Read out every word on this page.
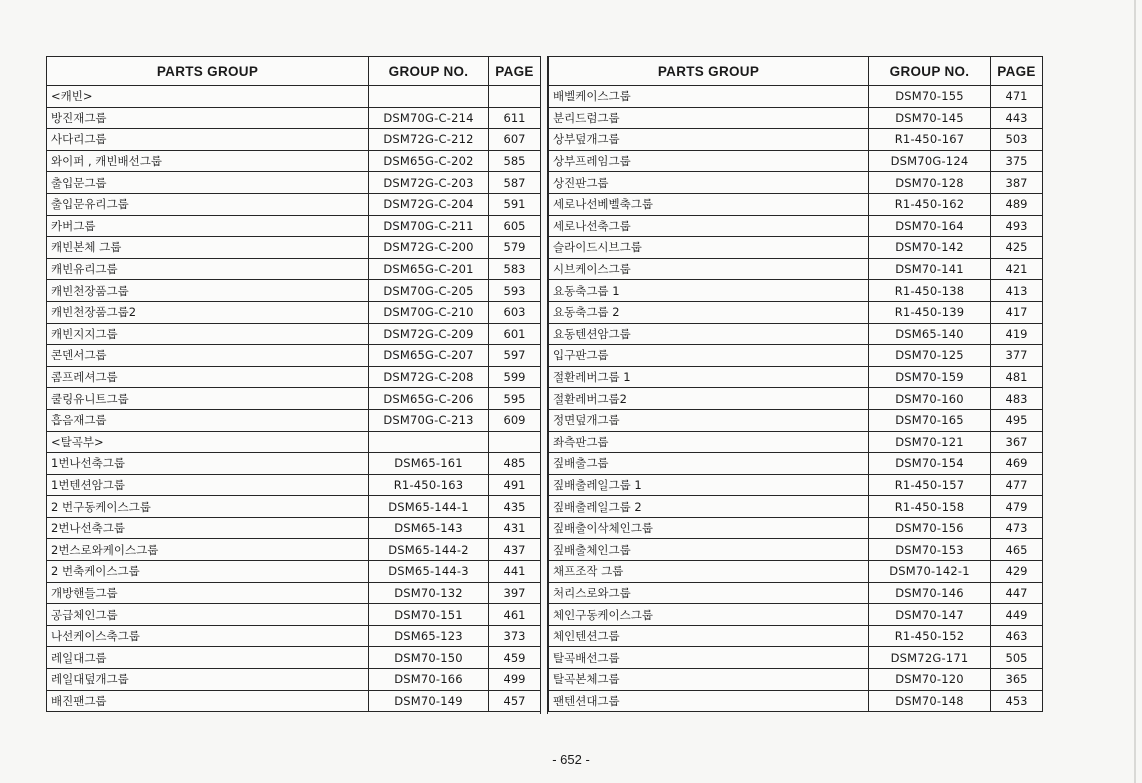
PARTS GROUP	GROUP NO.	PAGE
<캐빈>		
방진재그룹	DSM70G-C-214	611
사다리그룹	DSM72G-C-212	607
와이퍼 , 캐빈배선그룹	DSM65G-C-202	585
출입문그룹	DSM72G-C-203	587
출입문유리그룹	DSM72G-C-204	591
카버그룹	DSM70G-C-211	605
캐빈본체 그룹	DSM72G-C-200	579
캐빈유리그룹	DSM65G-C-201	583
캐빈천장품그룹	DSM70G-C-205	593
캐빈천장품그룹2	DSM70G-C-210	603
캐빈지지그룹	DSM72G-C-209	601
콘덴서그룹	DSM65G-C-207	597
콤프레셔그룹	DSM72G-C-208	599
쿨링유니트그룹	DSM65G-C-206	595
흡음재그룹	DSM70G-C-213	609
<탈곡부>		
1번나선축그룹	DSM65-161	485
1번텐션암그룹	R1-450-163	491
2 번구동케이스그룹	DSM65-144-1	435
2번나선축그룹	DSM65-143	431
2번스로와케이스그룹	DSM65-144-2	437
2 번축케이스그룹	DSM65-144-3	441
개방핸들그룹	DSM70-132	397
공급체인그룹	DSM70-151	461
나선케이스축그룹	DSM65-123	373
레일대그룹	DSM70-150	459
레일대덮개그룹	DSM70-166	499
배진팬그룹	DSM70-149	457
PARTS GROUP	GROUP NO.	PAGE
배벨케이스그룹	DSM70-155	471
분리드럼그룹	DSM70-145	443
상부덮개그룹	R1-450-167	503
상부프레임그룹	DSM70G-124	375
상진판그룹	DSM70-128	387
세로나선베벨축그룹	R1-450-162	489
세로나선축그룹	DSM70-164	493
슬라이드시브그룹	DSM70-142	425
시브케이스그룹	DSM70-141	421
요동축그룹 1	R1-450-138	413
요동축그룹 2	R1-450-139	417
요동텐션암그룹	DSM65-140	419
입구판그룹	DSM70-125	377
절환레버그룹 1	DSM70-159	481
절환레버그룹2	DSM70-160	483
정면덮개그룹	DSM70-165	495
좌측판그룹	DSM70-121	367
짚배출그룹	DSM70-154	469
짚배출레일그룹 1	R1-450-157	477
짚배출레일그룹 2	R1-450-158	479
짚배출이삭체인그룹	DSM70-156	473
짚배출체인그룹	DSM70-153	465
채프조작 그룹	DSM70-142-1	429
처리스로와그룹	DSM70-146	447
체인구동케이스그룹	DSM70-147	449
체인텐션그룹	R1-450-152	463
탈곡배선그룹	DSM72G-171	505
탈곡본체그룹	DSM70-120	365
팬텐션대그룹	DSM70-148	453
- 652 -
